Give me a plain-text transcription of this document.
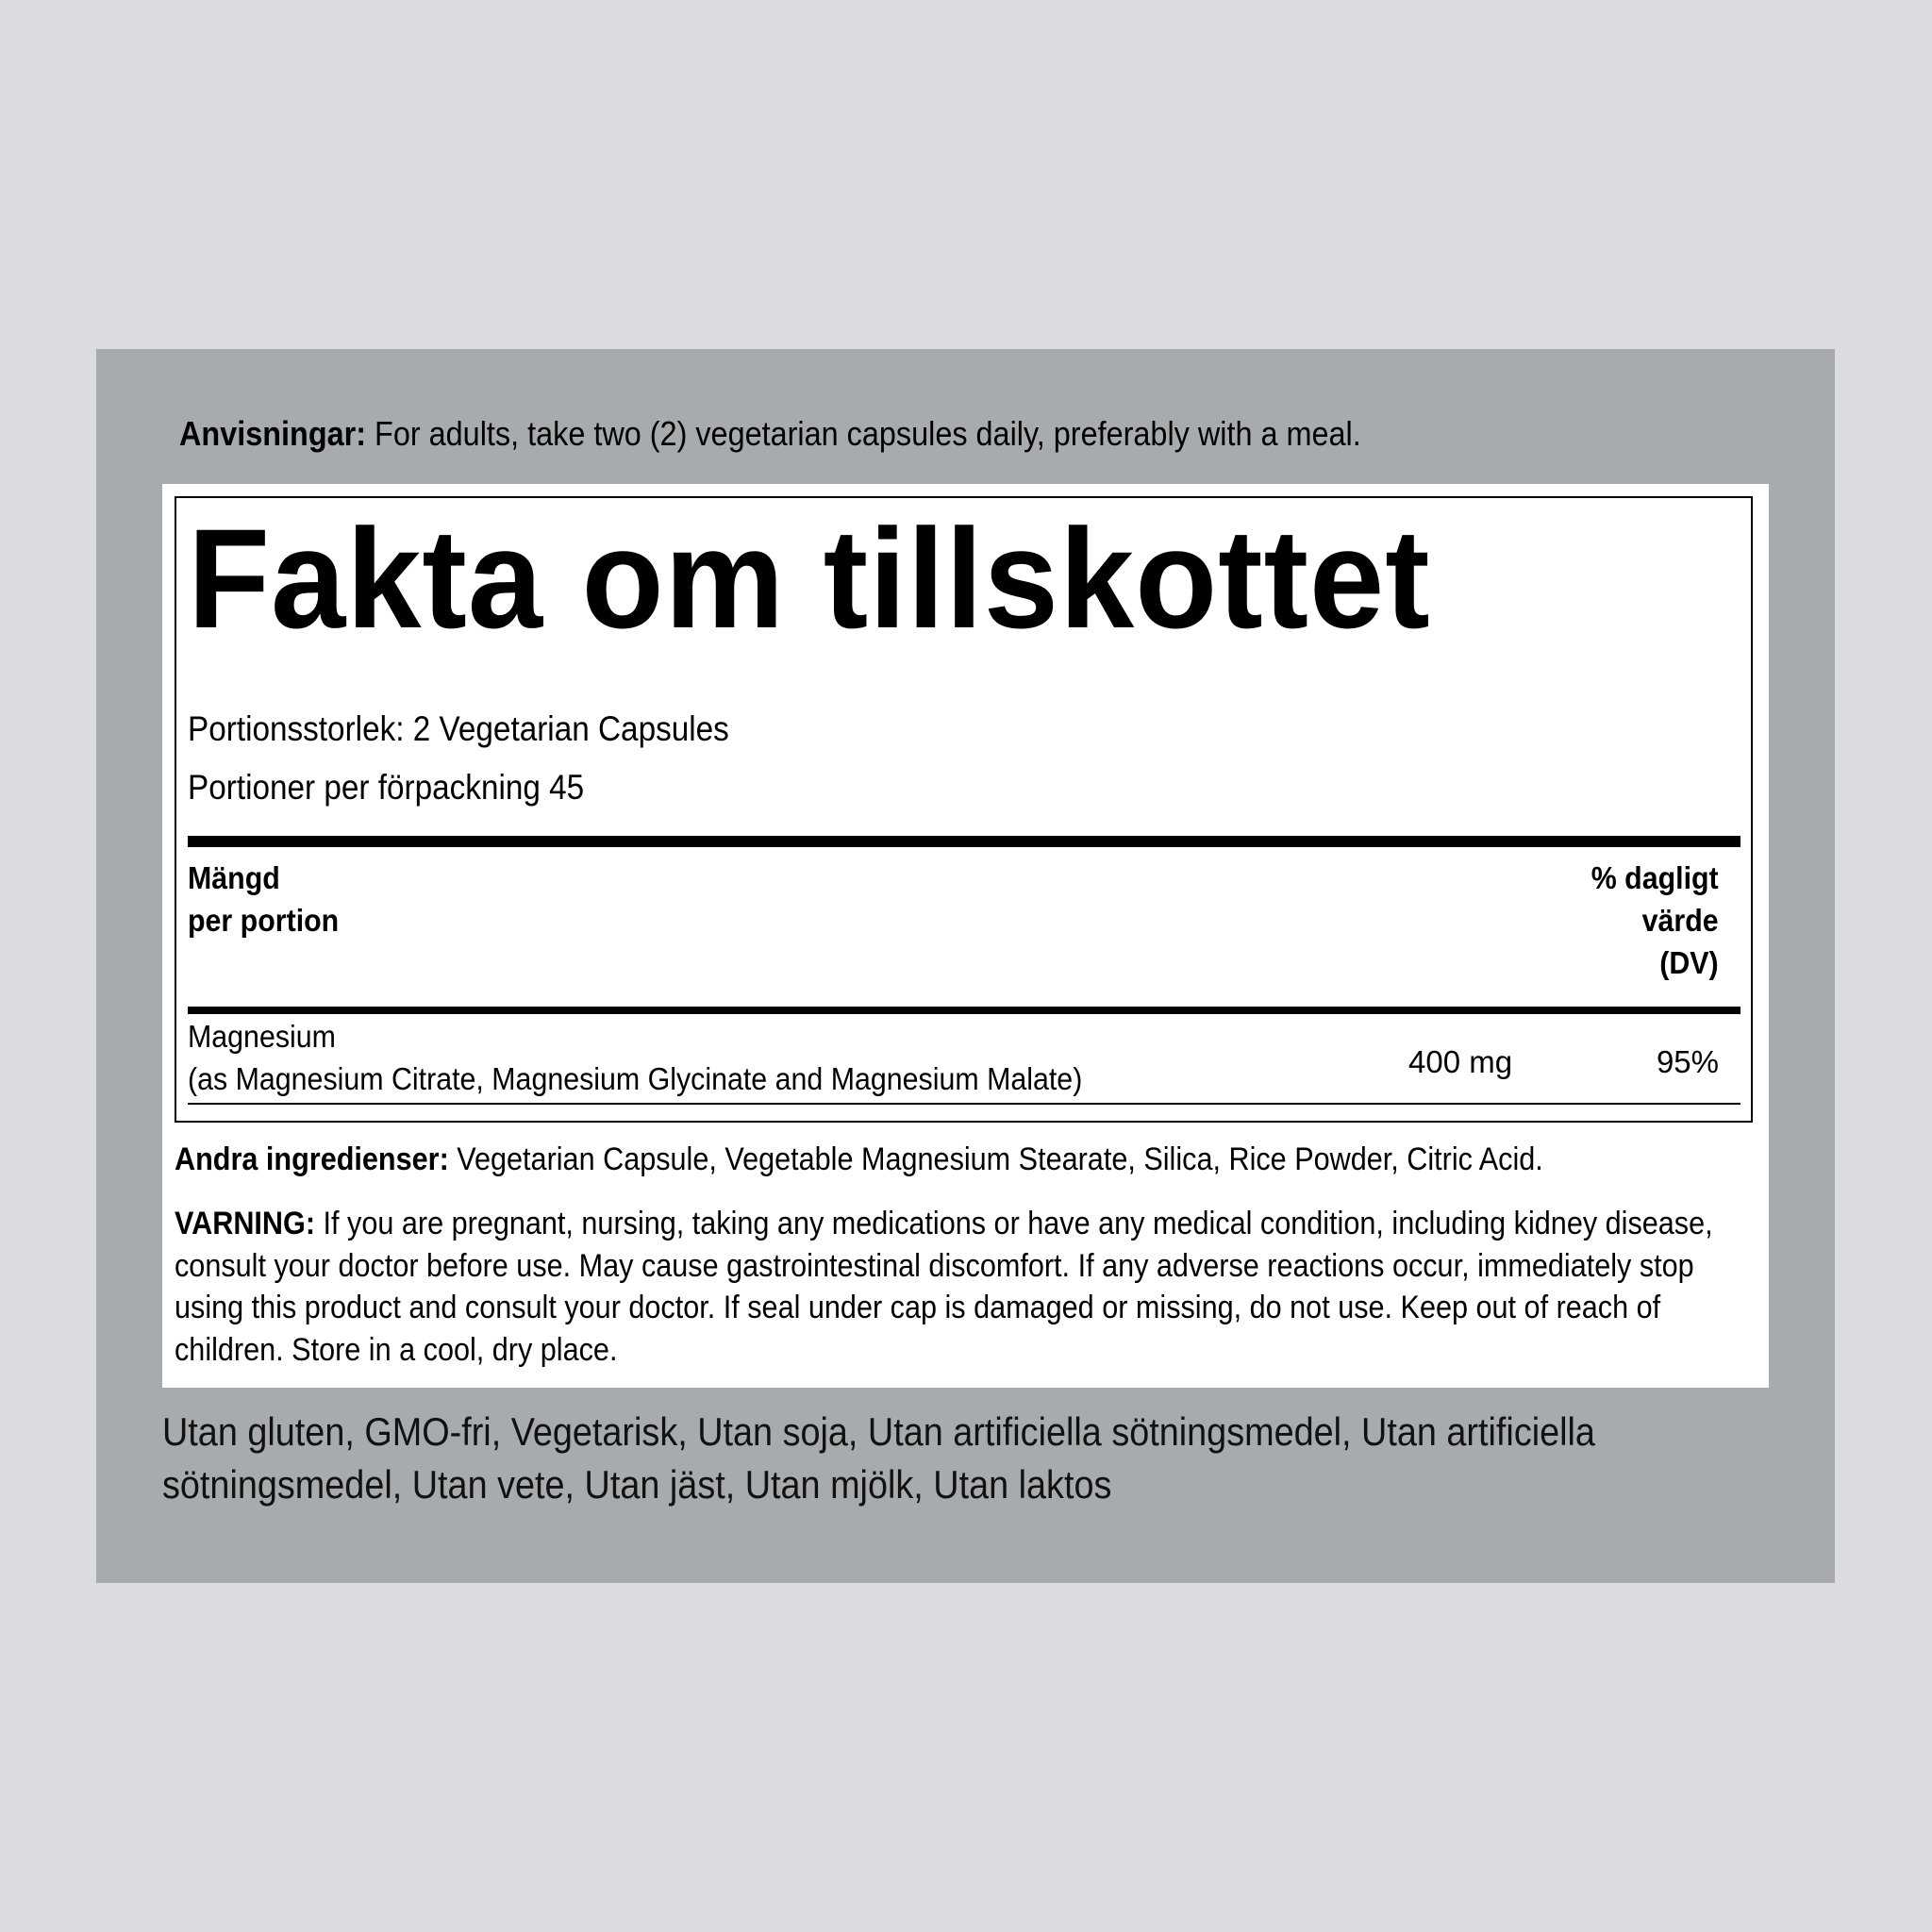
Anvisningar: For adults, take two (2) vegetarian capsules daily, preferably with a meal.
Fakta om tillskottet
Portionsstorlek: 2 Vegetarian Capsules
Portioner per förpackning 45
Mängd
per portion
% dagligt
värde
(DV)
Magnesium
(as Magnesium Citrate, Magnesium Glycinate and Magnesium Malate)	400 mg	95%
Andra ingredienser: Vegetarian Capsule, Vegetable Magnesium Stearate, Silica, Rice Powder, Citric Acid.
VARNING: If you are pregnant, nursing, taking any medications or have any medical condition, including kidney disease,
consult your doctor before use. May cause gastrointestinal discomfort. If any adverse reactions occur, immediately stop
using this product and consult your doctor. If seal under cap is damaged or missing, do not use. Keep out of reach of
children. Store in a cool, dry place.
Utan gluten, GMO-fri, Vegetarisk, Utan soja, Utan artificiella sötningsmedel, Utan artificiella
sötningsmedel, Utan vete, Utan jäst, Utan mjölk, Utan laktos
